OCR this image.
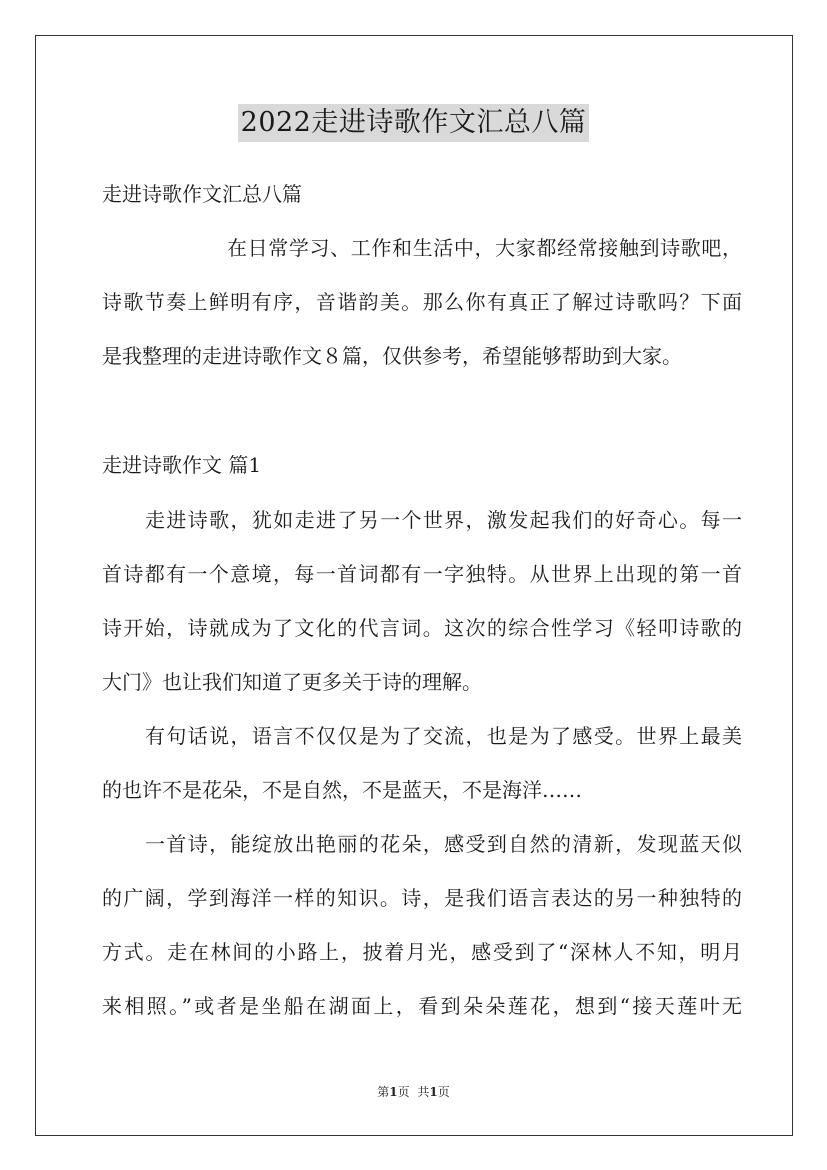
2022走进诗歌作文汇总八篇
走进诗歌作文汇总八篇
在日常学习、工作和生活中，大家都经常接触到诗歌吧，
诗歌节奏上鲜明有序，音谐韵美。那么你有真正了解过诗歌吗？下面
是我整理的走进诗歌作文８篇，仅供参考，希望能够帮助到大家。
走进诗歌作文 篇1
走进诗歌，犹如走进了另一个世界，激发起我们的好奇心。每一
首诗都有一个意境，每一首词都有一字独特。从世界上出现的第一首
诗开始，诗就成为了文化的代言词。这次的综合性学习《轻叩诗歌的
大门》也让我们知道了更多关于诗的理解。
有句话说，语言不仅仅是为了交流，也是为了感受。世界上最美
的也许不是花朵，不是自然，不是蓝天，不是海洋……
一首诗，能绽放出艳丽的花朵，感受到自然的清新，发现蓝天似
的广阔，学到海洋一样的知识。诗，是我们语言表达的另一种独特的
方式。走在林间的小路上，披着月光，感受到了“深林人不知，明月
来相照。”或者是坐船在湖面上，看到朵朵莲花，想到“接天莲叶无
第1页 共1页
